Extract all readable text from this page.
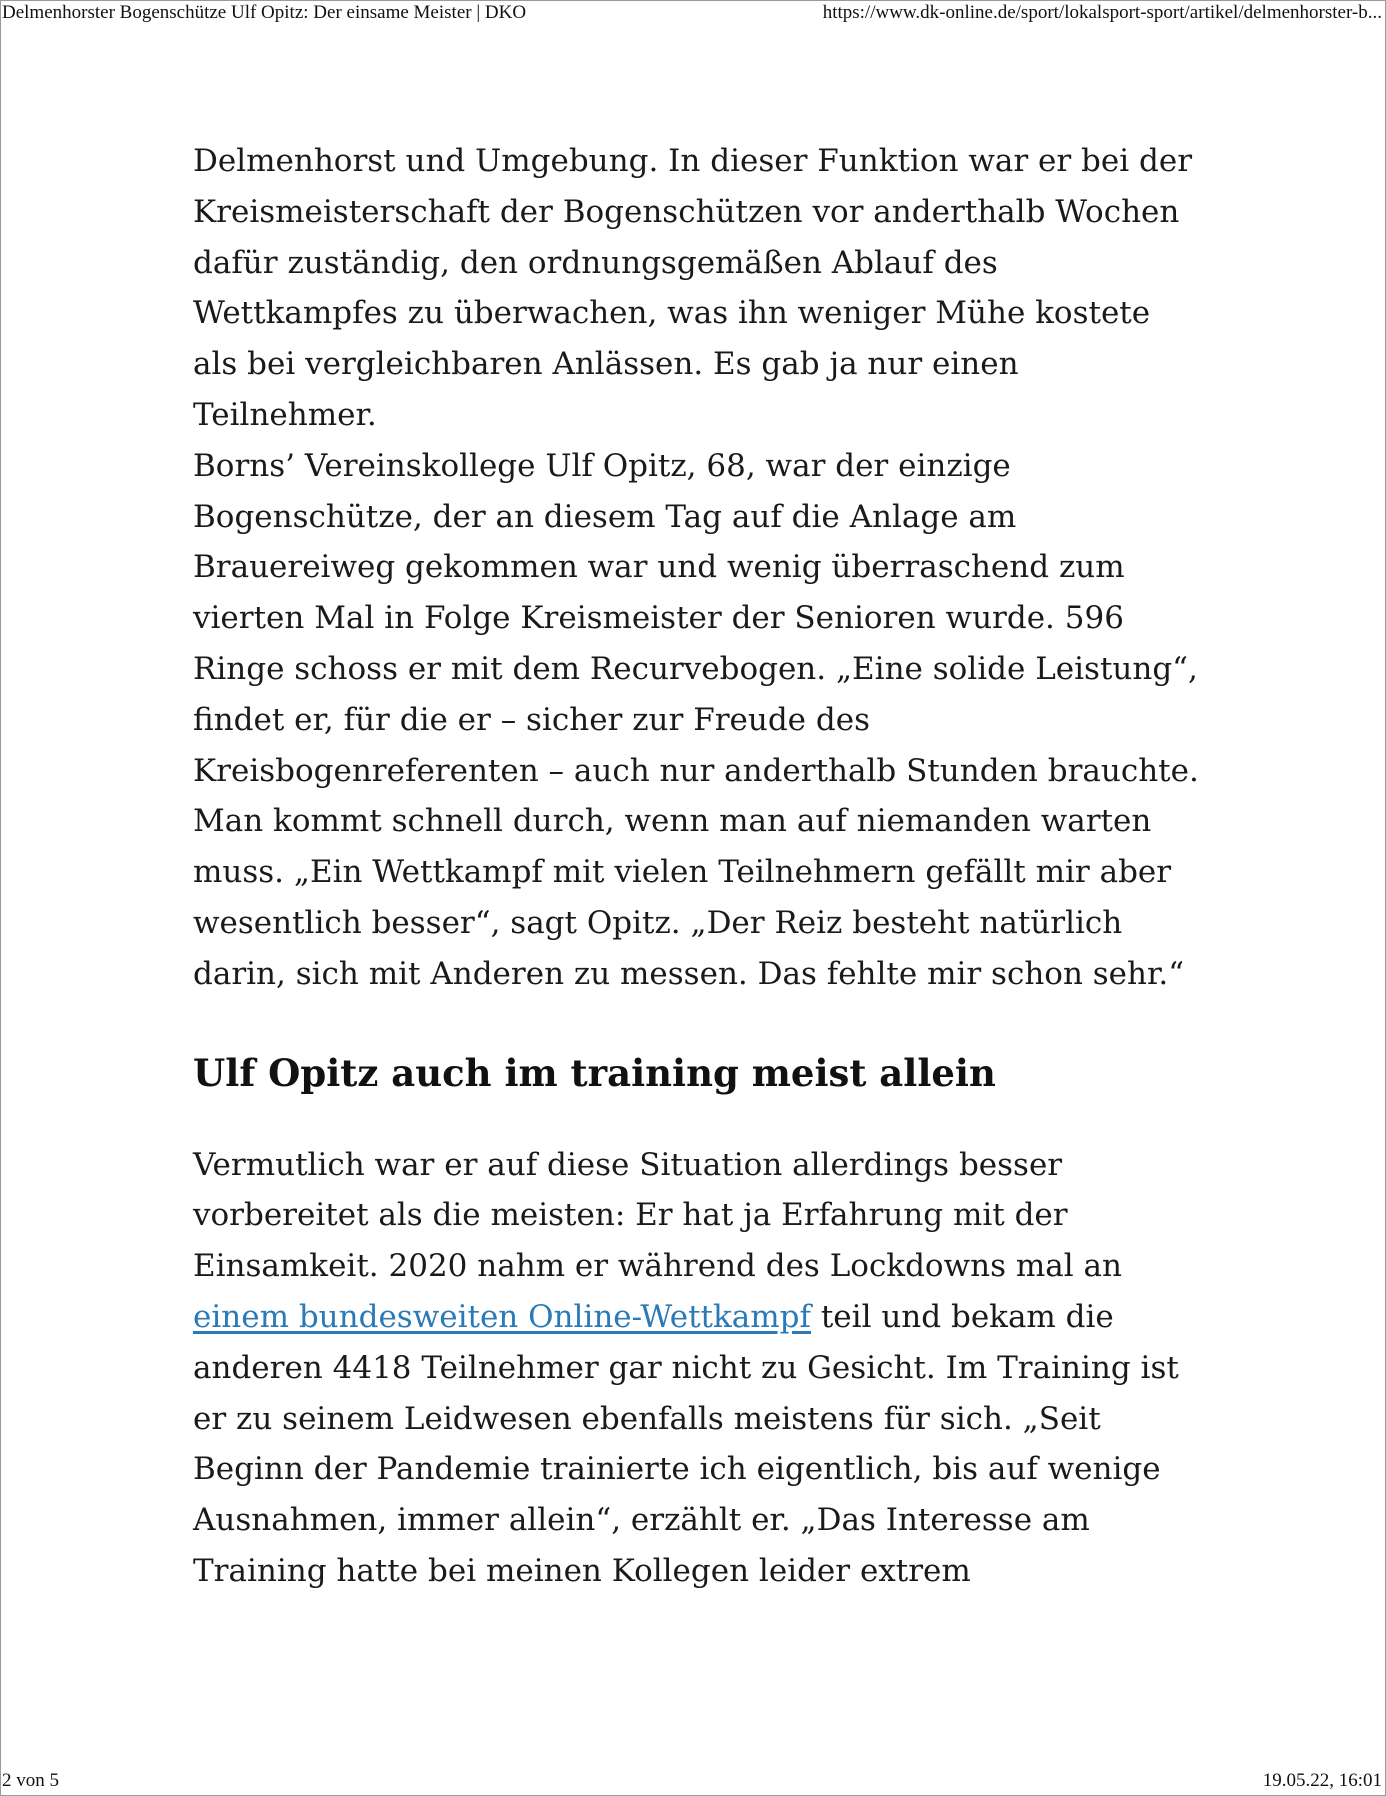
Delmenhorster Bogenschütze Ulf Opitz: Der einsame Meister | DKO	https://www.dk-online.de/sport/lokalsport-sport/artikel/delmenhorster-b...

Delmenhorst und Umgebung. In dieser Funktion war er bei der Kreismeisterschaft der Bogenschützen vor anderthalb Wochen dafür zuständig, den ordnungsgemäßen Ablauf des Wettkampfes zu überwachen, was ihn weniger Mühe kostete als bei vergleichbaren Anlässen. Es gab ja nur einen Teilnehmer.

Borns’ Vereinskollege Ulf Opitz, 68, war der einzige Bogenschütze, der an diesem Tag auf die Anlage am Brauereiweg gekommen war und wenig überraschend zum vierten Mal in Folge Kreismeister der Senioren wurde. 596 Ringe schoss er mit dem Recurvebogen. „Eine solide Leistung“, findet er, für die er – sicher zur Freude des Kreisbogenreferenten – auch nur anderthalb Stunden brauchte. Man kommt schnell durch, wenn man auf niemanden warten muss. „Ein Wettkampf mit vielen Teilnehmern gefällt mir aber wesentlich besser“, sagt Opitz. „Der Reiz besteht natürlich darin, sich mit Anderen zu messen. Das fehlte mir schon sehr.“

Ulf Opitz auch im training meist allein

Vermutlich war er auf diese Situation allerdings besser vorbereitet als die meisten: Er hat ja Erfahrung mit der Einsamkeit. 2020 nahm er während des Lockdowns mal an einem bundesweiten Online-Wettkampf teil und bekam die anderen 4418 Teilnehmer gar nicht zu Gesicht. Im Training ist er zu seinem Leidwesen ebenfalls meistens für sich. „Seit Beginn der Pandemie trainierte ich eigentlich, bis auf wenige Ausnahmen, immer allein“, erzählt er. „Das Interesse am Training hatte bei meinen Kollegen leider extrem

2 von 5	19.05.22, 16:01
